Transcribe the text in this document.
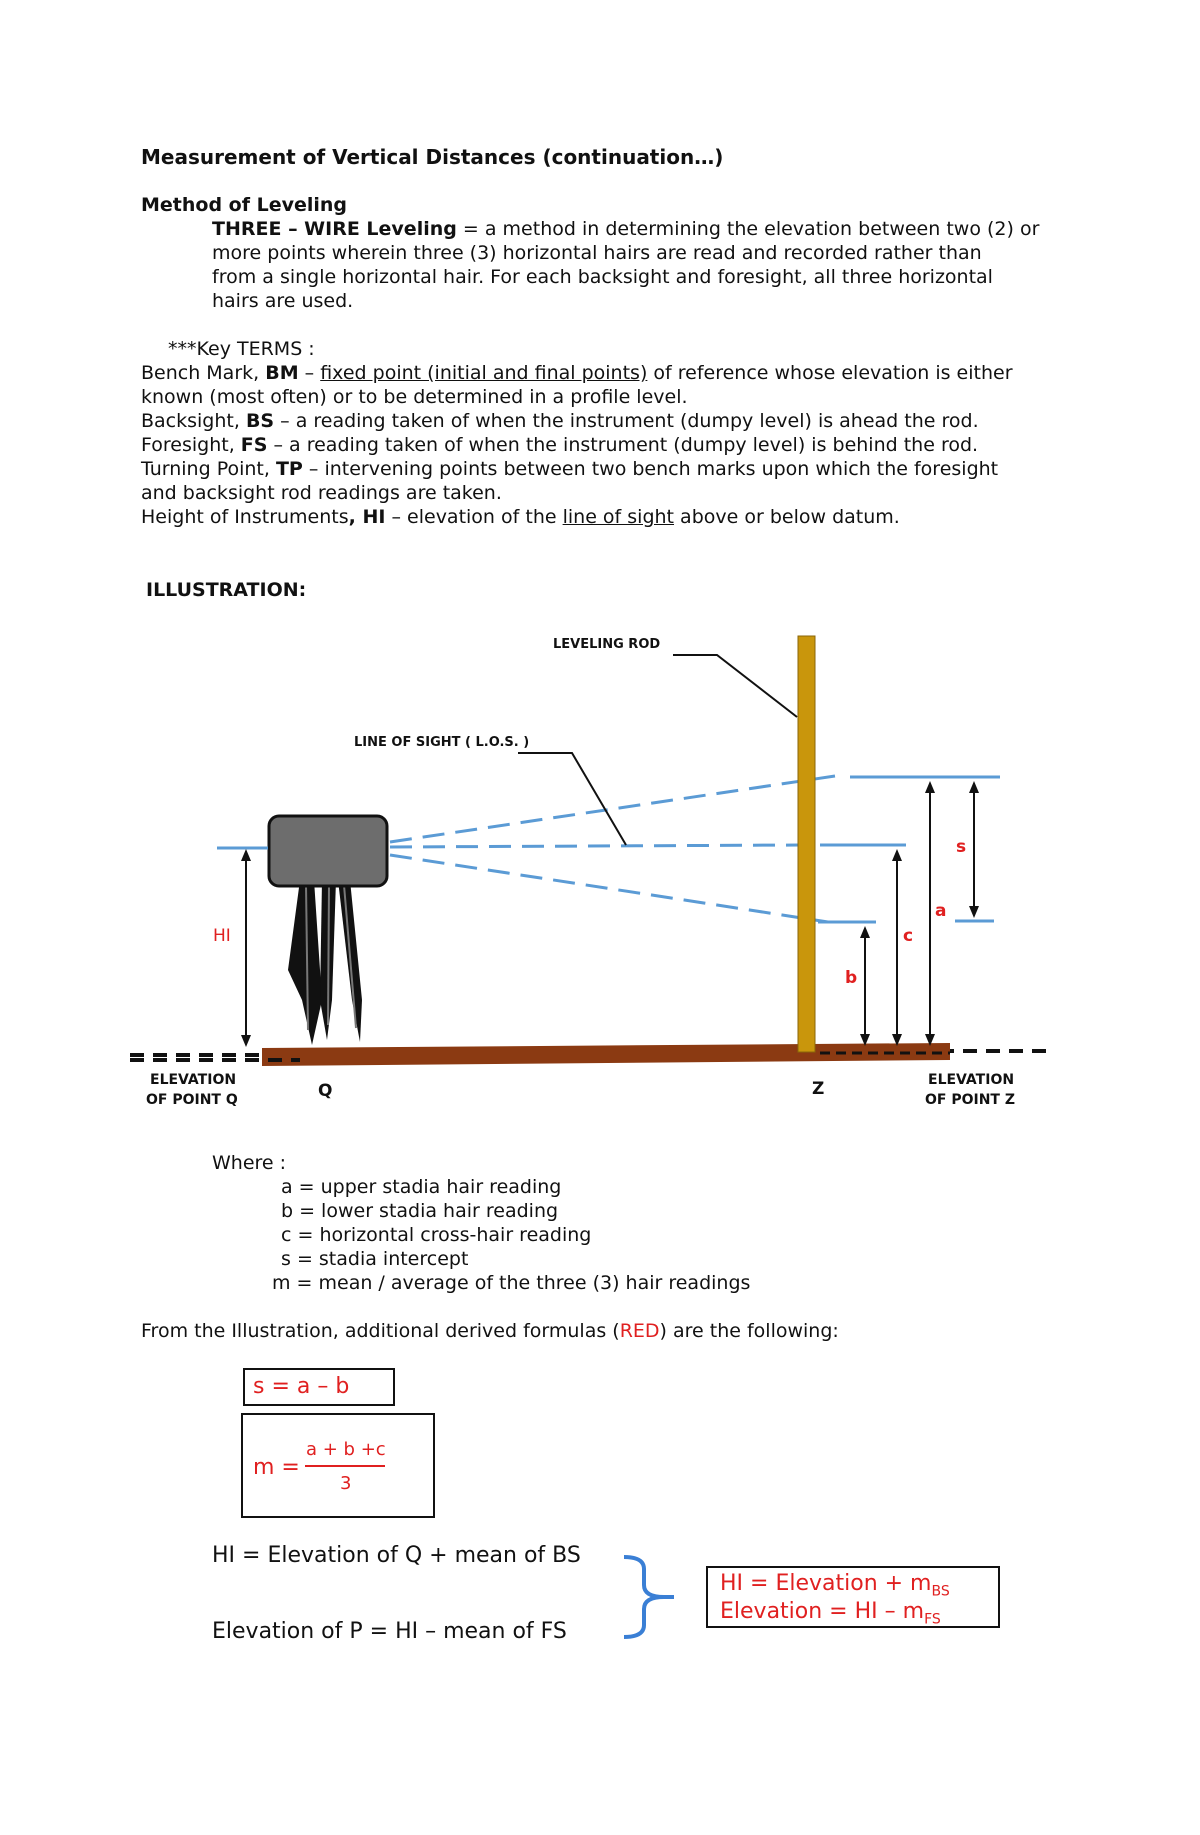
Measurement of Vertical Distances (continuation…)
Method of Leveling
THREE – WIRE Leveling = a method in determining the elevation between two (2) or
more points wherein three (3) horizontal hairs are read and recorded rather than
from a single horizontal hair. For each backsight and foresight, all three horizontal
hairs are used.
***Key TERMS :
Bench Mark, BM – fixed point (initial and final points) of reference whose elevation is either
known (most often) or to be determined in a profile level.
Backsight, BS – a reading taken of when the instrument (dumpy level) is ahead the rod.
Foresight, FS – a reading taken of when the instrument (dumpy level) is behind the rod.
Turning Point, TP – intervening points between two bench marks upon which the foresight
and backsight rod readings are taken.
Height of Instruments, HI – elevation of the line of sight above or below datum.
ILLUSTRATION:
HI
b
c
a
s
LEVELING ROD
LINE OF SIGHT ( L.O.S. )
ELEVATION
OF POINT Q	Q	Z	ELEVATION
OF POINT Z
Where :
a = upper stadia hair reading
b = lower stadia hair reading
c = horizontal cross-hair reading
s = stadia intercept
m = mean / average of the three (3) hair readings
From the Illustration, additional derived formulas (RED) are the following:
s = a – b
m =
a + b +c
3
HI = Elevation of Q + mean of BS
Elevation of P = HI – mean of FS
HI = Elevation + $m_{BS}$
Elevation = HI – $m_{FS}$
